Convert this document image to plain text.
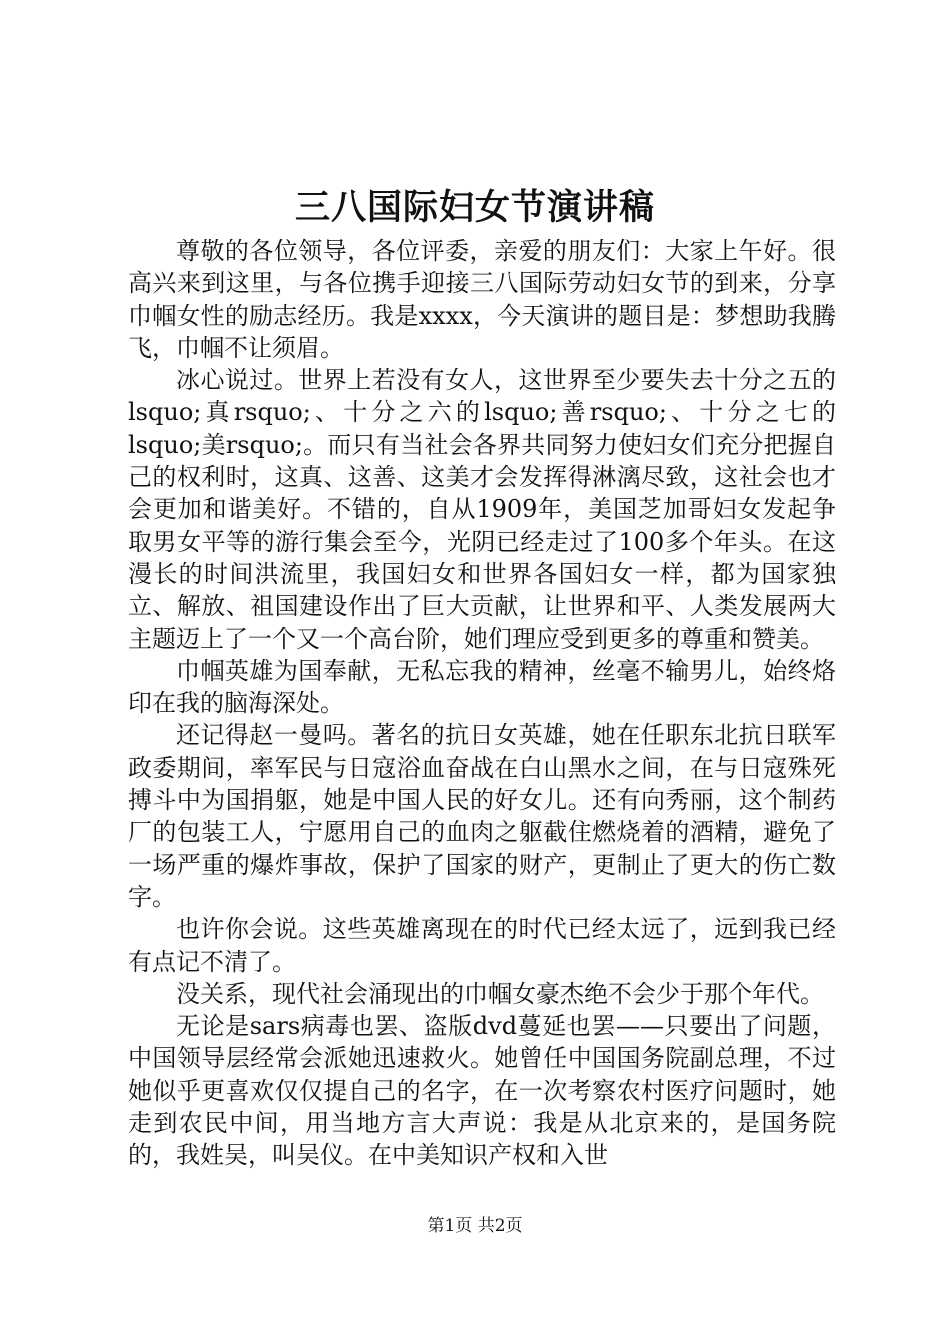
三八国际妇女节演讲稿

尊敬的各位领导，各位评委，亲爱的朋友们：大家上午好。很高兴来到这里，与各位携手迎接三八国际劳动妇女节的到来，分享巾帼女性的励志经历。我是xxxx，今天演讲的题目是：梦想助我腾飞，巾帼不让须眉。

冰心说过。世界上若没有女人，这世界至少要失去十分之五的lsquo;真rsquo;、十分之六的lsquo;善rsquo;、十分之七的lsquo;美rsquo;。而只有当社会各界共同努力使妇女们充分把握自己的权利时，这真、这善、这美才会发挥得淋漓尽致，这社会也才会更加和谐美好。不错的，自从1909年，美国芝加哥妇女发起争取男女平等的游行集会至今，光阴已经走过了100多个年头。在这漫长的时间洪流里，我国妇女和世界各国妇女一样，都为国家独立、解放、祖国建设作出了巨大贡献，让世界和平、人类发展两大主题迈上了一个又一个高台阶，她们理应受到更多的尊重和赞美。

巾帼英雄为国奉献，无私忘我的精神，丝毫不输男儿，始终烙印在我的脑海深处。

还记得赵一曼吗。著名的抗日女英雄，她在任职东北抗日联军政委期间，率军民与日寇浴血奋战在白山黑水之间，在与日寇殊死搏斗中为国捐躯，她是中国人民的好女儿。还有向秀丽，这个制药厂的包装工人，宁愿用自己的血肉之躯截住燃烧着的酒精，避免了一场严重的爆炸事故，保护了国家的财产，更制止了更大的伤亡数字。

也许你会说。这些英雄离现在的时代已经太远了，远到我已经有点记不清了。

没关系，现代社会涌现出的巾帼女豪杰绝不会少于那个年代。

无论是sars病毒也罢、盗版dvd蔓延也罢——只要出了问题，中国领导层经常会派她迅速救火。她曾任中国国务院副总理，不过她似乎更喜欢仅仅提自己的名字，在一次考察农村医疗问题时，她走到农民中间，用当地方言大声说：我是从北京来的，是国务院的，我姓吴，叫吴仪。在中美知识产权和入世

第1页 共2页
